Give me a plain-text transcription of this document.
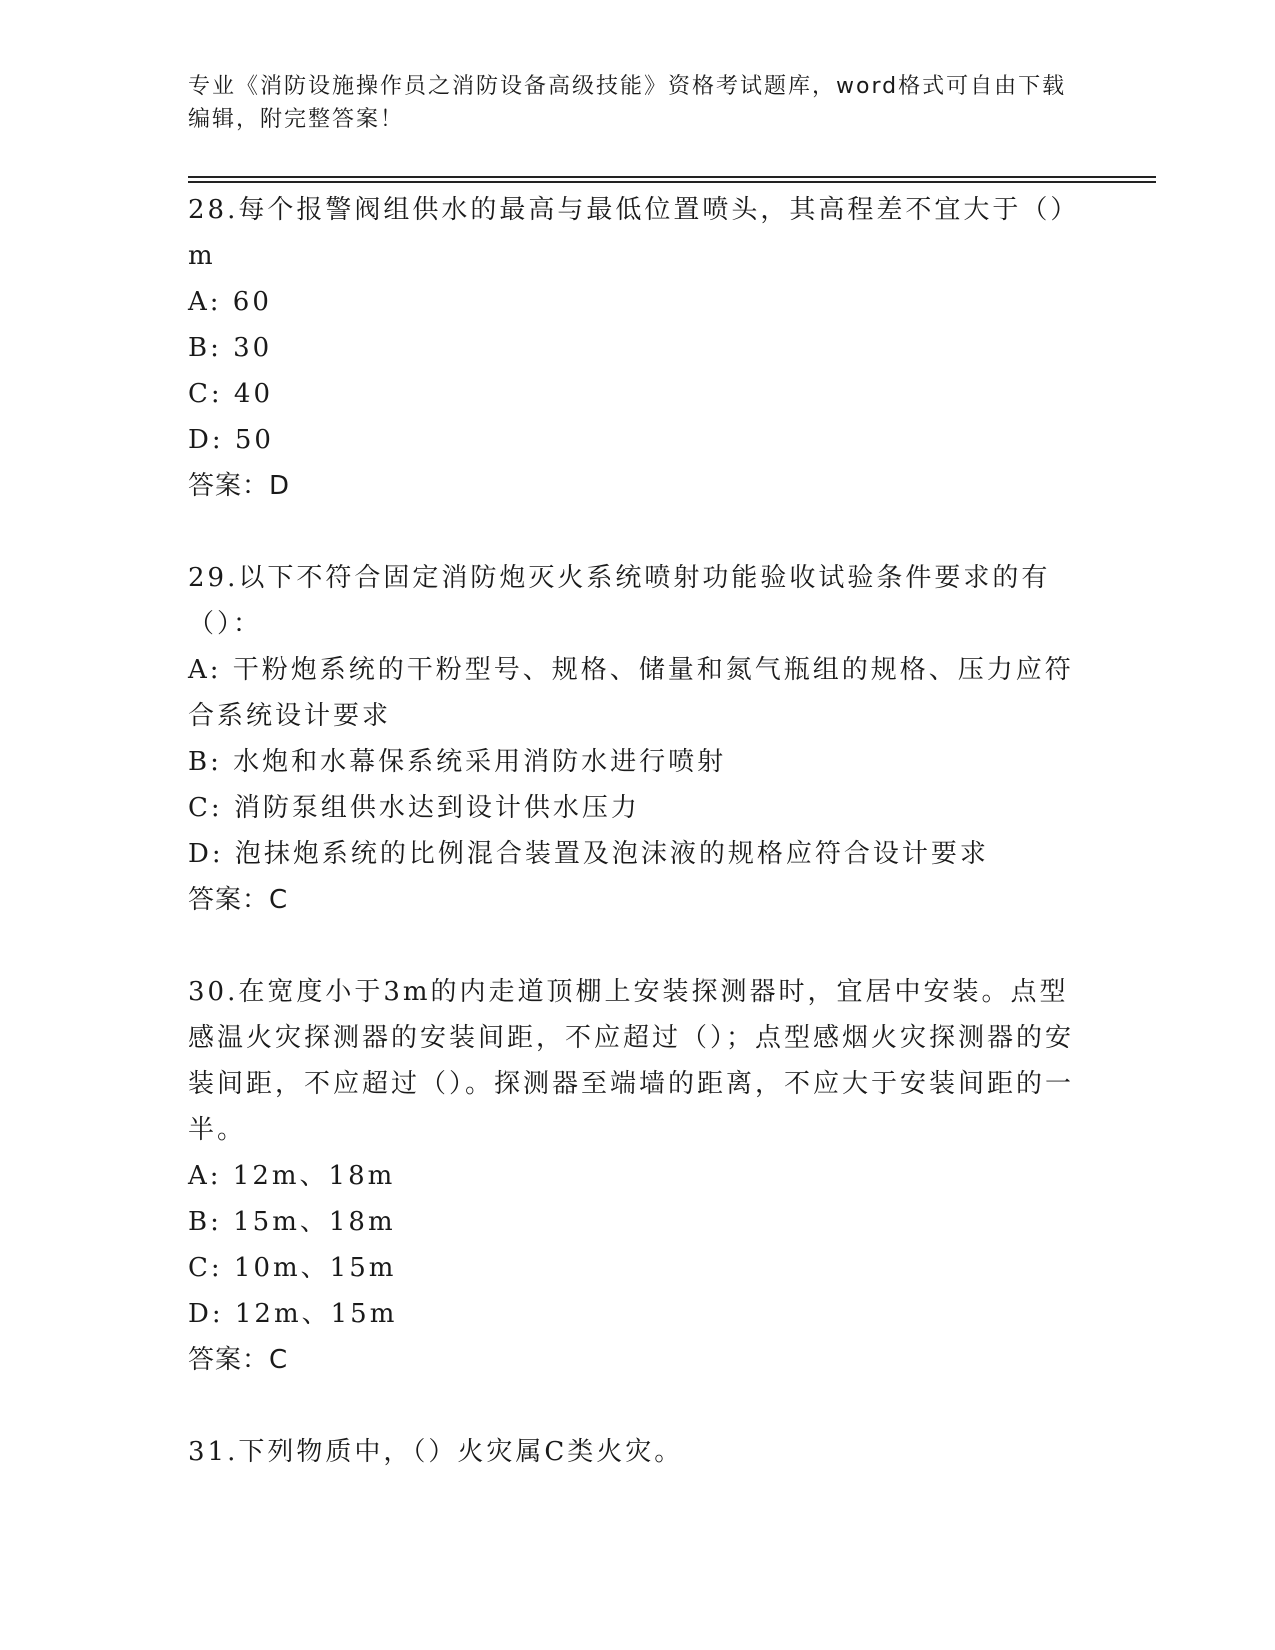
专业《消防设施操作员之消防设备高级技能》资格考试题库，word格式可自由下载编辑，附完整答案！
28.每个报警阀组供水的最高与最低位置喷头，其高程差不宜大于（）m
A: 60
B: 30
C: 40
D: 50
答案：D
29.以下不符合固定消防炮灭火系统喷射功能验收试验条件要求的有（）：
A: 干粉炮系统的干粉型号、规格、储量和氮气瓶组的规格、压力应符合系统设计要求
B: 水炮和水幕保系统采用消防水进行喷射
C: 消防泵组供水达到设计供水压力
D: 泡抹炮系统的比例混合装置及泡沫液的规格应符合设计要求
答案：C
30.在宽度小于3m的内走道顶棚上安装探测器时，宜居中安装。点型感温火灾探测器的安装间距，不应超过（）；点型感烟火灾探测器的安装间距，不应超过（）。探测器至端墙的距离，不应大于安装间距的一半。
A: 12m、18m
B: 15m、18m
C: 10m、15m
D: 12m、15m
答案：C
31.下列物质中，（）火灾属C类火灾。
